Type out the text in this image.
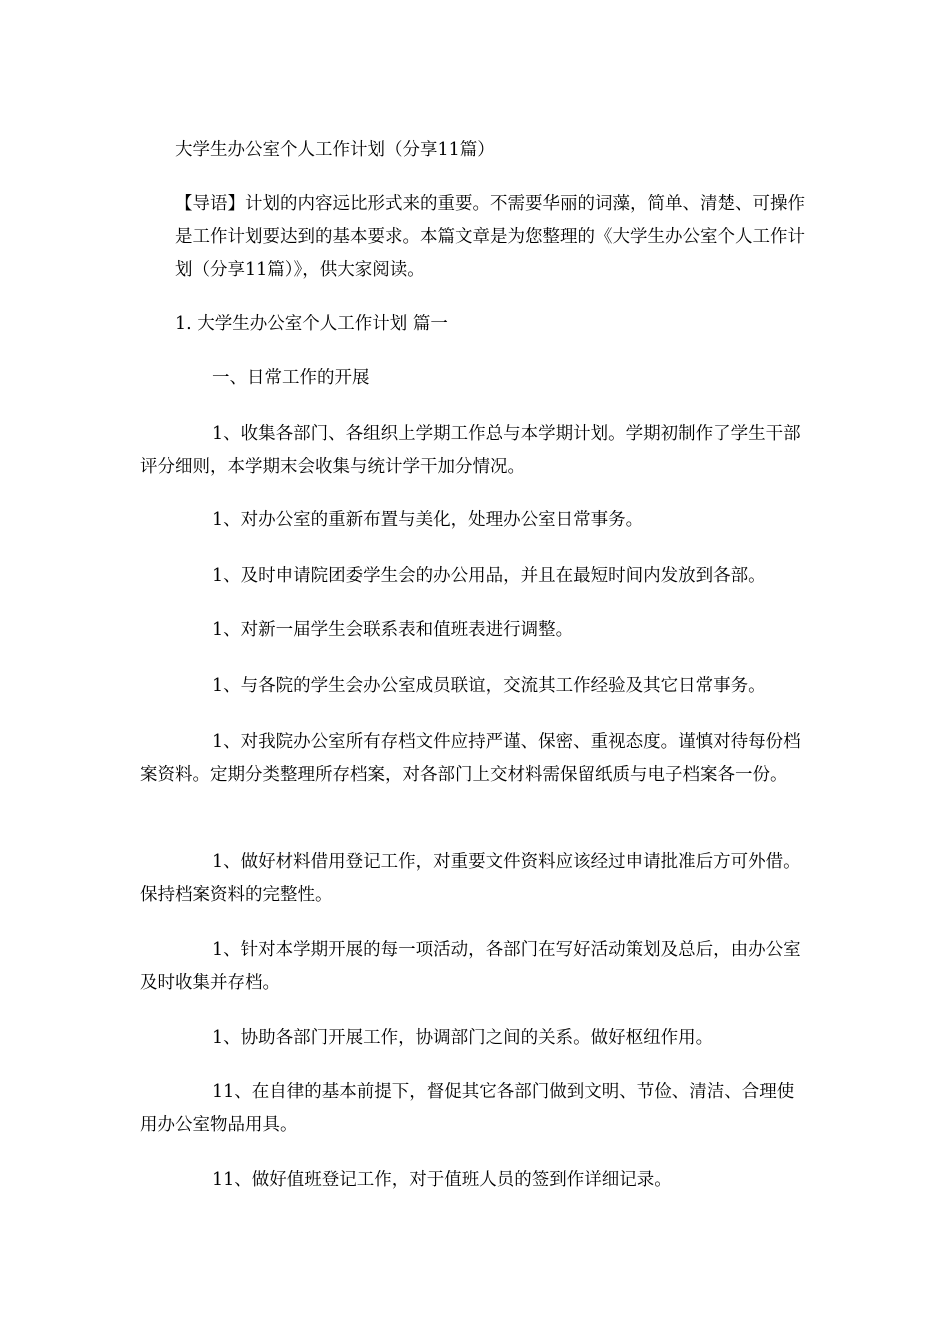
大学生办公室个人工作计划（分享11篇）

【导语】计划的内容远比形式来的重要。不需要华丽的词藻，简单、清楚、可操作是工作计划要达到的基本要求。本篇文章是为您整理的《大学生办公室个人工作计划（分享11篇）》，供大家阅读。

1. 大学生办公室个人工作计划 篇一

一、日常工作的开展

1、收集各部门、各组织上学期工作总与本学期计划。学期初制作了学生干部评分细则，本学期末会收集与统计学干加分情况。

1、对办公室的重新布置与美化，处理办公室日常事务。

1、及时申请院团委学生会的办公用品，并且在最短时间内发放到各部。

1、对新一届学生会联系表和值班表进行调整。

1、与各院的学生会办公室成员联谊，交流其工作经验及其它日常事务。

1、对我院办公室所有存档文件应持严谨、保密、重视态度。谨慎对待每份档案资料。定期分类整理所存档案，对各部门上交材料需保留纸质与电子档案各一份。

1、做好材料借用登记工作，对重要文件资料应该经过申请批准后方可外借。保持档案资料的完整性。

1、针对本学期开展的每一项活动，各部门在写好活动策划及总后，由办公室及时收集并存档。

1、协助各部门开展工作，协调部门之间的关系。做好枢纽作用。

11、在自律的基本前提下，督促其它各部门做到文明、节俭、清洁、合理使用办公室物品用具。

11、做好值班登记工作，对于值班人员的签到作详细记录。
